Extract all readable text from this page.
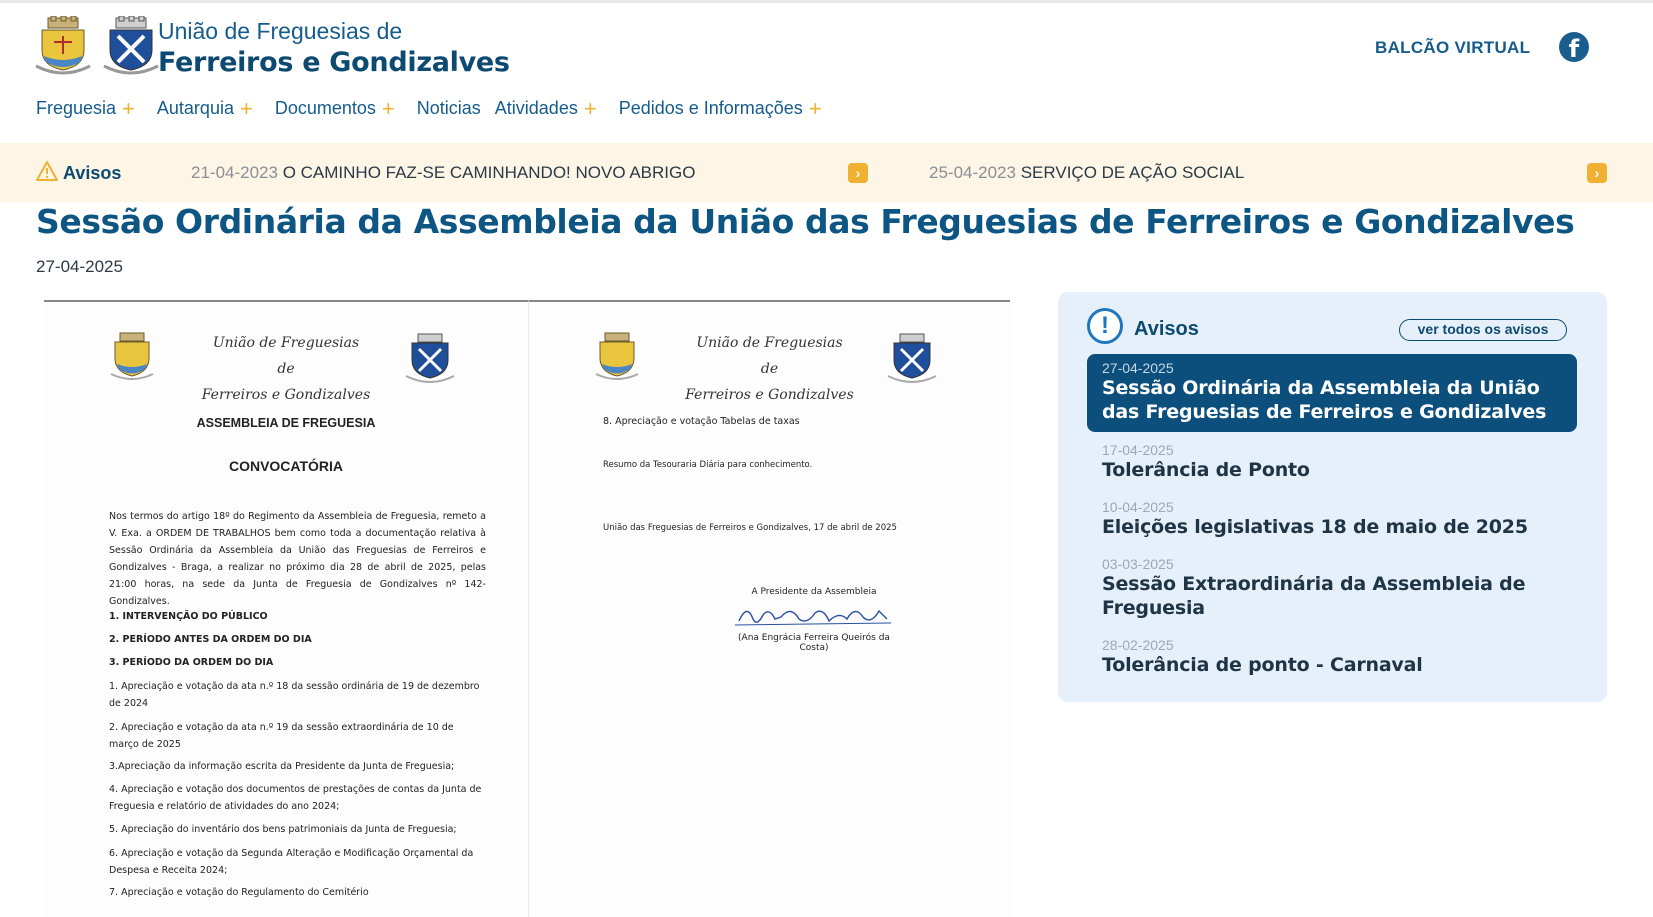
União de Freguesias de
Ferreiros e Gondizalves	BALCÃO VIRTUAL	f
Freguesia + Autarquia + Documentos + Noticias Atividades + Pedidos e Informações +
Avisos	21-04-2023 O CAMINHO FAZ-SE CAMINHANDO! NOVO ABRIGO	›	25-04-2023 SERVIÇO DE AÇÃO SOCIAL	›
Sessão Ordinária da Assembleia da União das Freguesias de Ferreiros e Gondizalves
27-04-2025
União de Freguesias
de
Ferreiros e Gondizalves
ASSEMBLEIA DE FREGUESIA
CONVOCATÓRIA
Nos termos do artigo 18º do Regimento da Assembleia de Freguesia, remeto a V. Exa. a ORDEM DE TRABALHOS bem como toda a documentação relativa à Sessão Ordinária da Assembleia da União das Freguesias de Ferreiros e Gondizalves - Braga, a realizar no próximo dia 28 de abril de 2025, pelas 21:00 horas, na sede da Junta de Freguesia de Gondizalves nº 142- Gondizalves.
1. INTERVENÇÃO DO PÚBLICO
2. PERÍODO ANTES DA ORDEM DO DIA
3. PERÍODO DA ORDEM DO DIA
1. Apreciação e votação da ata n.º 18 da sessão ordinária de 19 de dezembro de 2024
2. Apreciação e votação da ata n.º 19 da sessão extraordinária de 10 de março de 2025
3.Apreciação da informação escrita da Presidente da Junta de Freguesia;
4. Apreciação e votação dos documentos de prestações de contas da Junta de Freguesia e relatório de atividades do ano 2024;
5. Apreciação do inventário dos bens patrimoniais da Junta de Freguesia;
6. Apreciação e votação da Segunda Alteração e Modificação Orçamental da Despesa e Receita 2024;
7. Apreciação e votação do Regulamento do Cemitério
União de Freguesias
de
Ferreiros e Gondizalves
8. Apreciação e votação Tabelas de taxas
Resumo da Tesouraria Diária para conhecimento.
União das Freguesias de Ferreiros e Gondizalves, 17 de abril de 2025
A Presidente da Assembleia
(Ana Engrácia Ferreira Queirós da Costa)
!	Avisos	ver todos os avisos
27-04-2025
Sessão Ordinária da Assembleia da União das Freguesias de Ferreiros e Gondizalves
17-04-2025
Tolerância de Ponto
10-04-2025
Eleições legislativas 18 de maio de 2025
03-03-2025
Sessão Extraordinária da Assembleia de Freguesia
28-02-2025
Tolerância de ponto - Carnaval
